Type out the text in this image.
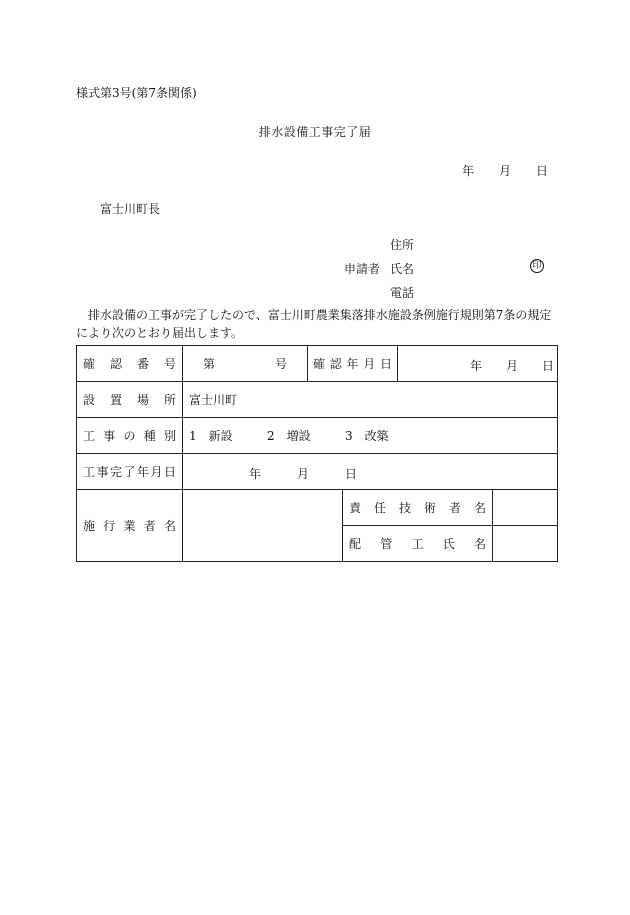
様式第3号(第7条関係)
排水設備工事完了届
年 月 日
富士川町長
住所
申請者 氏名	印
電話
排水設備の工事が完了したので、富士川町農業集落排水施設条例施行規則第7条の規定により次のとおり届出します。
確認番号	第号	確認年月日		年 月 日	

設置場所	富士川町				
工事の種別	1　新設 2　増設 3　改築				
工事完了年月日	年 月 日				

施行業者名			責任技術者名		
			配管工氏名		
